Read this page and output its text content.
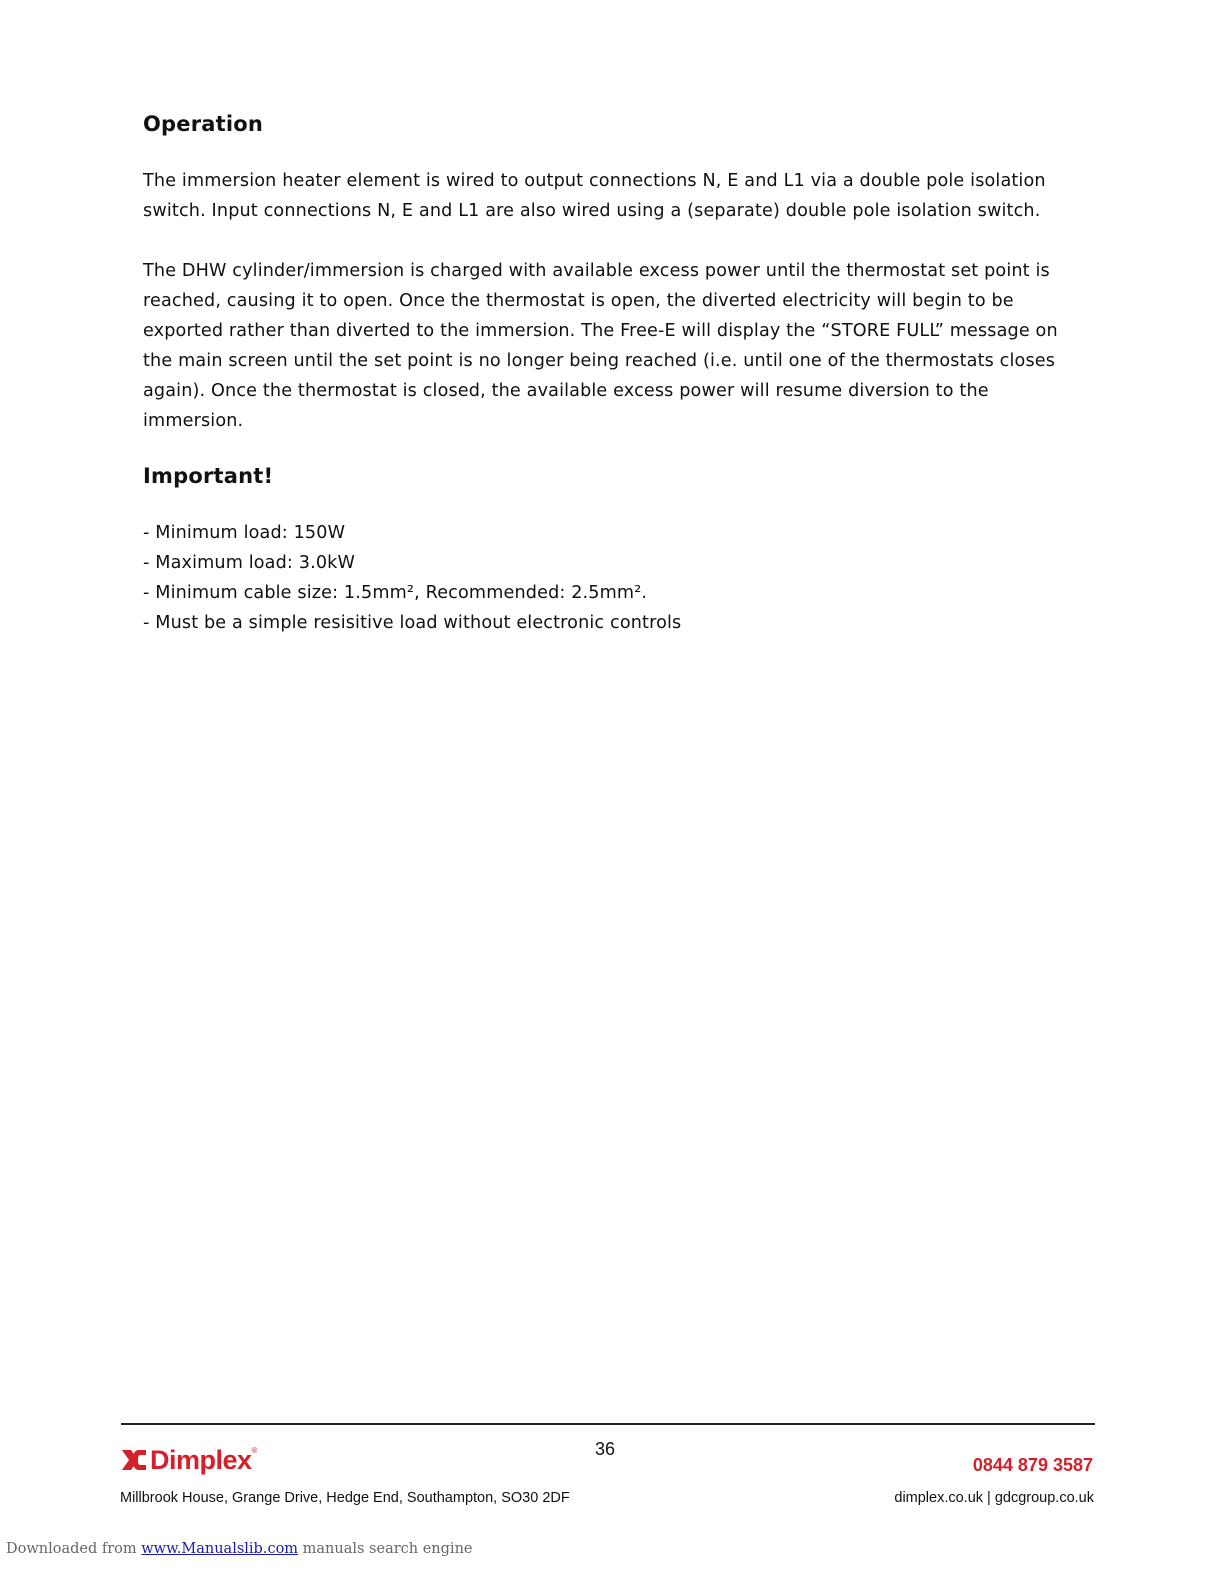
Operation

The immersion heater element is wired to output connections N, E and L1 via a double pole isolation switch. Input connections N, E and L1 are also wired using a (separate) double pole isolation switch.

The DHW cylinder/immersion is charged with available excess power until the thermostat set point is reached, causing it to open. Once the thermostat is open, the diverted electricity will begin to be exported rather than diverted to the immersion. The Free-E will display the “STORE FULL” message on the main screen until the set point is no longer being reached (i.e. until one of the thermostats closes again). Once the thermostat is closed, the available excess power will resume diversion to the immersion.

Important!
- Minimum load: 150W
- Maximum load: 3.0kW
- Minimum cable size: 1.5mm², Recommended: 2.5mm².
- Must be a simple resisitive load without electronic controls
Dimplex ®	36
0844 879 3587
Millbrook House, Grange Drive, Hedge End, Southampton, SO30 2DF	dimplex.co.uk | gdcgroup.co.uk
Downloaded from www.Manualslib.com manuals search engine
